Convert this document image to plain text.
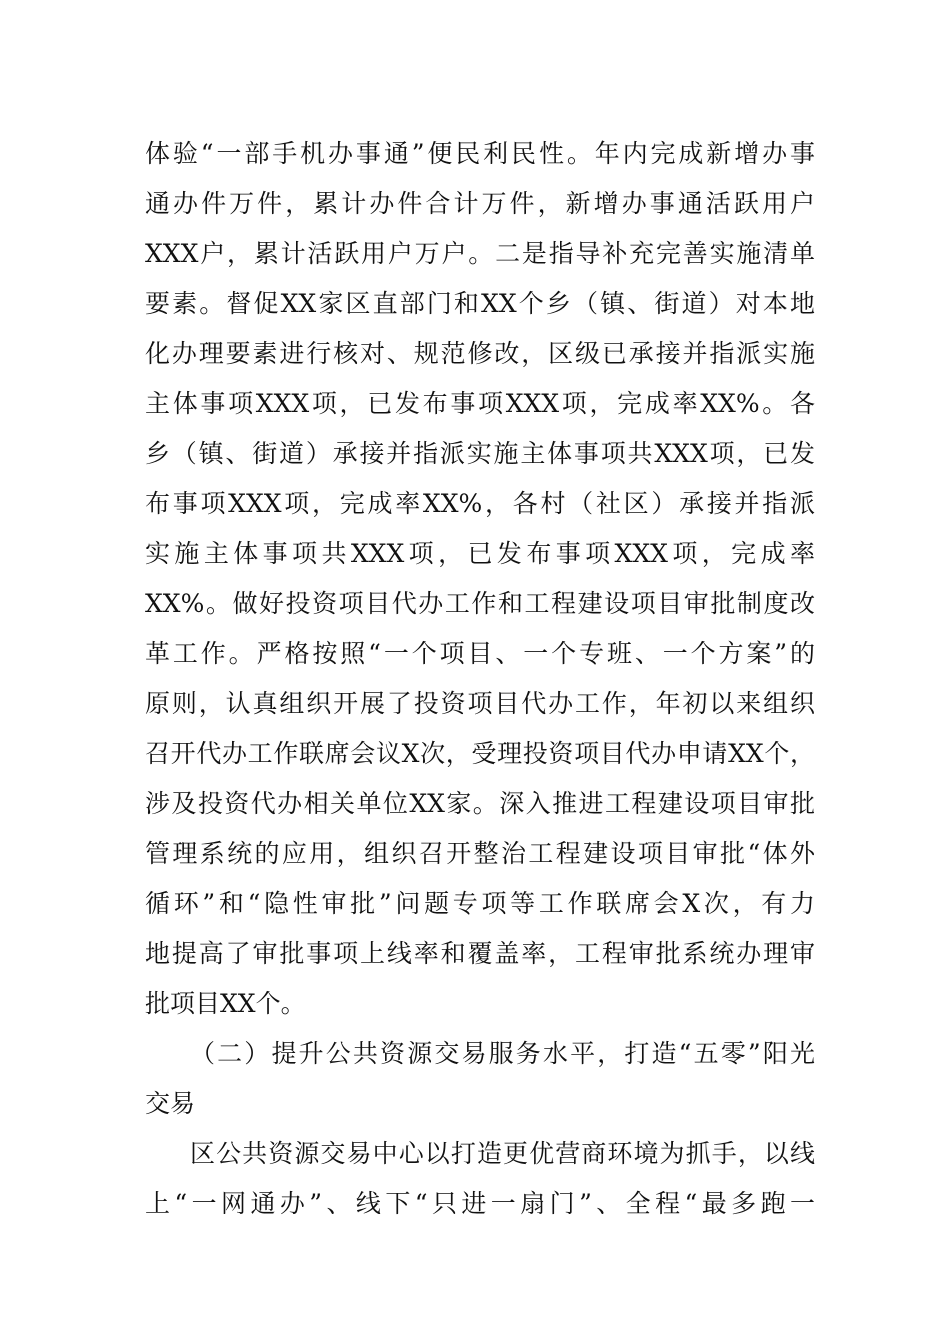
体验“一部手机办事通”便民利民性。年内完成新增办事
通办件万件，累计办件合计万件，新增办事通活跃用户
XXX户，累计活跃用户万户。二是指导补充完善实施清单
要素。督促XX家区直部门和XX个乡（镇、街道）对本地
化办理要素进行核对、规范修改，区级已承接并指派实施
主体事项XXX项，已发布事项XXX项，完成率XX%。各
乡（镇、街道）承接并指派实施主体事项共XXX项，已发
布事项XXX项，完成率XX%，各村（社区）承接并指派
实施主体事项共XXX项，已发布事项XXX项，完成率
XX%。做好投资项目代办工作和工程建设项目审批制度改
革工作。严格按照“一个项目、一个专班、一个方案”的
原则，认真组织开展了投资项目代办工作，年初以来组织
召开代办工作联席会议X次，受理投资项目代办申请XX个，
涉及投资代办相关单位XX家。深入推进工程建设项目审批
管理系统的应用，组织召开整治工程建设项目审批“体外
循环”和“隐性审批”问题专项等工作联席会X次，有力
地提高了审批事项上线率和覆盖率，工程审批系统办理审
批项目XX个。
（二）提升公共资源交易服务水平，打造“五零”阳光
交易
区公共资源交易中心以打造更优营商环境为抓手，以线
上“一网通办”、线下“只进一扇门”、全程“最多跑一
